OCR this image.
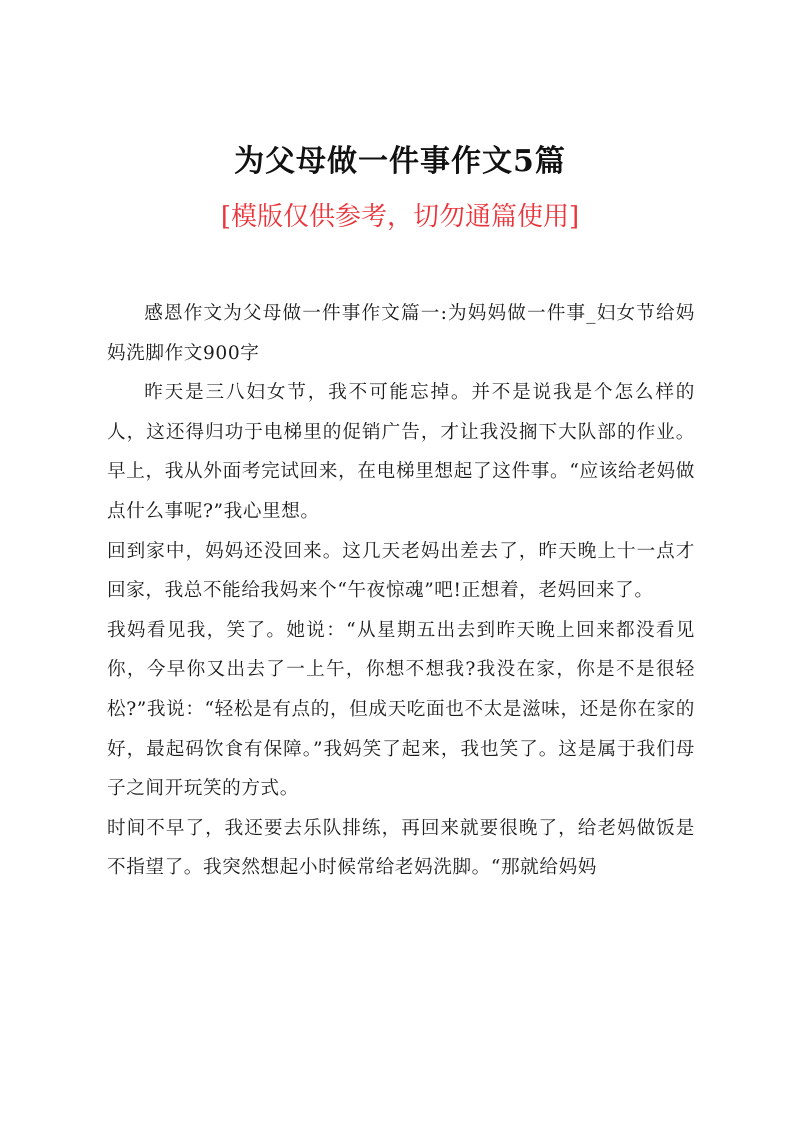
为父母做一件事作文5篇
[模版仅供参考，切勿通篇使用]

感恩作文为父母做一件事作文篇一:为妈妈做一件事_妇女节给妈妈洗脚作文900字

昨天是三八妇女节，我不可能忘掉。并不是说我是个怎么样的人，这还得归功于电梯里的促销广告，才让我没搁下大队部的作业。早上，我从外面考完试回来，在电梯里想起了这件事。“应该给老妈做点什么事呢?”我心里想。

回到家中，妈妈还没回来。这几天老妈出差去了，昨天晚上十一点才回家，我总不能给我妈来个“午夜惊魂”吧!正想着，老妈回来了。

我妈看见我，笑了。她说：“从星期五出去到昨天晚上回来都没看见你，今早你又出去了一上午，你想不想我?我没在家，你是不是很轻松?”我说：“轻松是有点的，但成天吃面也不太是滋味，还是你在家的好，最起码饮食有保障。”我妈笑了起来，我也笑了。这是属于我们母子之间开玩笑的方式。

时间不早了，我还要去乐队排练，再回来就要很晚了，给老妈做饭是不指望了。我突然想起小时候常给老妈洗脚。“那就给妈妈
